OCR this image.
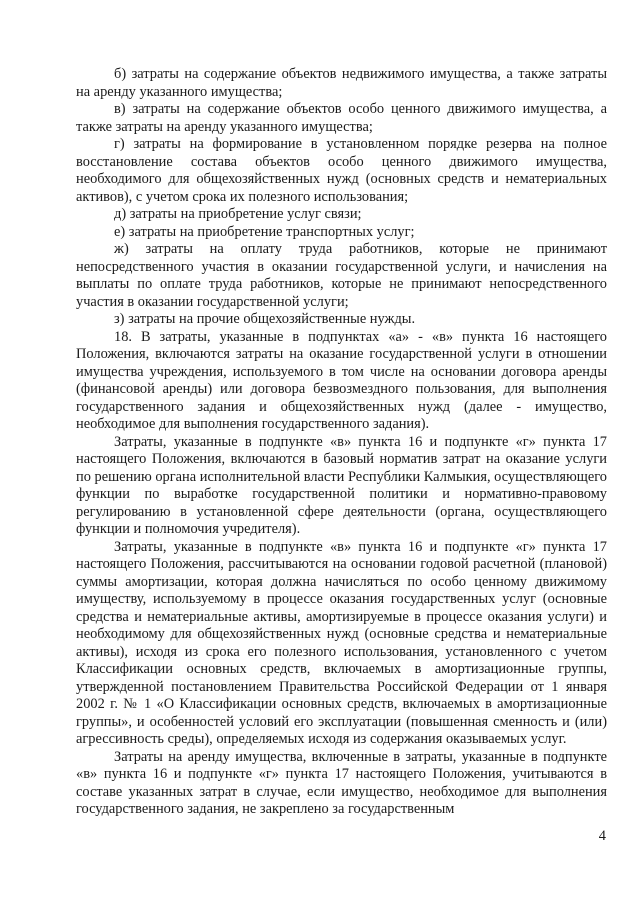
б) затраты на содержание объектов недвижимого имущества, а также затраты на аренду указанного имущества;

в) затраты на содержание объектов особо ценного движимого имущества, а также затраты на аренду указанного имущества;

г) затраты на формирование в установленном порядке резерва на полное восстановление состава объектов особо ценного движимого имущества, необходимого для общехозяйственных нужд (основных средств и нематериальных активов), с учетом срока их полезного использования;

д) затраты на приобретение услуг связи;

е) затраты на приобретение транспортных услуг;

ж) затраты на оплату труда работников, которые не принимают непосредственного участия в оказании государственной услуги, и начисления на выплаты по оплате труда работников, которые не принимают непосредственного участия в оказании государственной услуги;

з) затраты на прочие общехозяйственные нужды.

18. В затраты, указанные в подпунктах «а» - «в» пункта 16 настоящего Положения, включаются затраты на оказание государственной услуги в отношении имущества учреждения, используемого в том числе на основании договора аренды (финансовой аренды) или договора безвозмездного пользования, для выполнения государственного задания и общехозяйственных нужд (далее - имущество, необходимое для выполнения государственного задания).

Затраты, указанные в подпункте «в» пункта 16 и подпункте «г» пункта 17 настоящего Положения, включаются в базовый норматив затрат на оказание услуги по решению органа исполнительной власти Республики Калмыкия, осуществляющего функции по выработке государственной политики и нормативно-правовому регулированию в установленной сфере деятельности (органа, осуществляющего функции и полномочия учредителя).

Затраты, указанные в подпункте «в» пункта 16 и подпункте «г» пункта 17 настоящего Положения, рассчитываются на основании годовой расчетной (плановой) суммы амортизации, которая должна начисляться по особо ценному движимому имуществу, используемому в процессе оказания государственных услуг (основные средства и нематериальные активы, амортизируемые в процессе оказания услуги) и необходимому для общехозяйственных нужд (основные средства и нематериальные активы), исходя из срока его полезного использования, установленного с учетом Классификации основных средств, включаемых в амортизационные группы, утвержденной постановлением Правительства Российской Федерации от 1 января 2002 г. № 1 «О Классификации основных средств, включаемых в амортизационные группы», и особенностей условий его эксплуатации (повышенная сменность и (или) агрессивность среды), определяемых исходя из содержания оказываемых услуг.

Затраты на аренду имущества, включенные в затраты, указанные в подпункте «в» пункта 16 и подпункте «г» пункта 17 настоящего Положения, учитываются в составе указанных затрат в случае, если имущество, необходимое для выполнения государственного задания, не закреплено за государственным

4
